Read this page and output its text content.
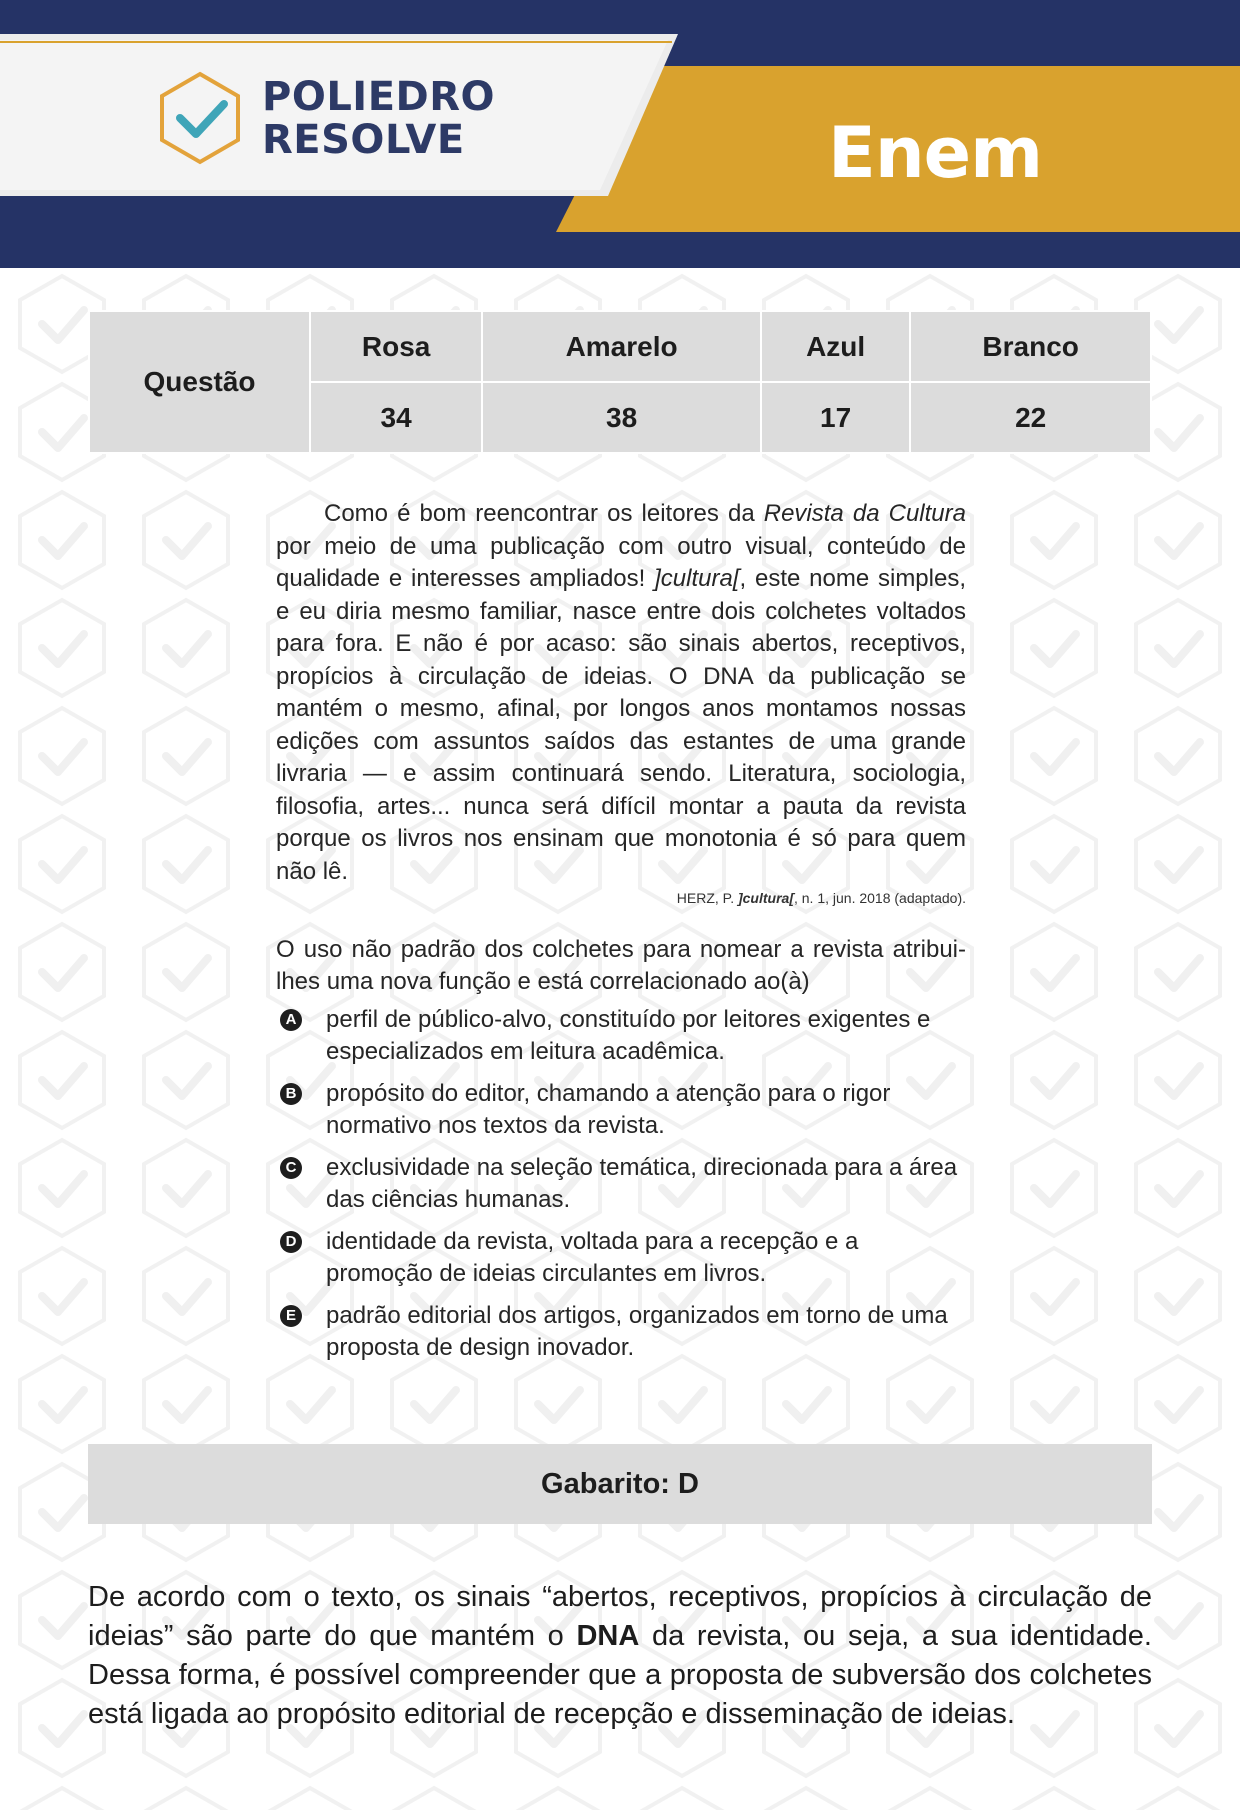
POLIEDRO
RESOLVE	Enem
Questão	Rosa	Amarelo	Azul	Branco
	34	38	17	22

Como é bom reencontrar os leitores da Revista da Cultura por meio de uma publicação com outro visual, conteúdo de qualidade e interesses ampliados! ]cultura[, este nome simples, e eu diria mesmo familiar, nasce entre dois colchetes voltados para fora. E não é por acaso: são sinais abertos, receptivos, propícios à circulação de ideias. O DNA da publicação se mantém o mesmo, afinal, por longos anos montamos nossas edições com assuntos saídos das estantes de uma grande livraria — e assim continuará sendo. Literatura, sociologia, filosofia, artes... nunca será difícil montar a pauta da revista porque os livros nos ensinam que monotonia é só para quem não lê.

HERZ, P. ]cultura[, n. 1, jun. 2018 (adaptado).

O uso não padrão dos colchetes para nomear a revista atribui-lhes uma nova função e está correlacionado ao(à)

A perfil de público-alvo, constituído por leitores exigentes e especializados em leitura acadêmica.
B propósito do editor, chamando a atenção para o rigor normativo nos textos da revista.
C exclusividade na seleção temática, direcionada para a área das ciências humanas.
D identidade da revista, voltada para a recepção e a promoção de ideias circulantes em livros.
E padrão editorial dos artigos, organizados em torno de uma proposta de design inovador.
Gabarito: D

De acordo com o texto, os sinais “abertos, receptivos, propícios à circulação de ideias” são parte do que mantém o DNA da revista, ou seja, a sua identidade. Dessa forma, é possível compreender que a proposta de subversão dos colchetes está ligada ao propósito editorial de recepção e disseminação de ideias.
